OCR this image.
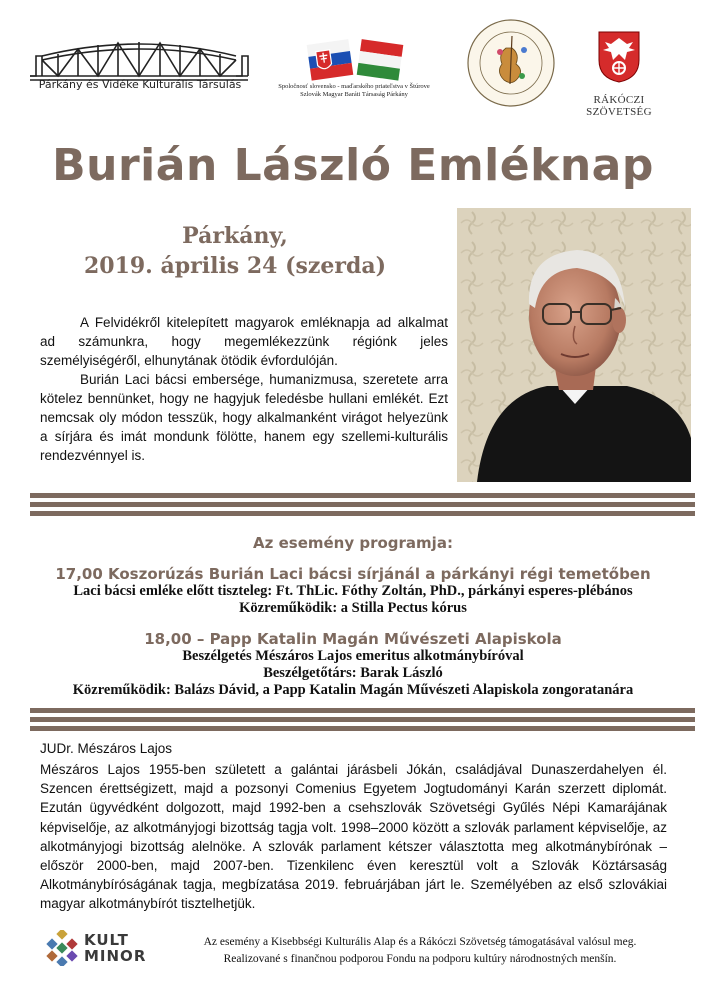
Párkány és Vidéke Kulturális Társulás	Spoločnosť slovensko - maďarského priateľstva v Štúrove
Szlovák Magyar Baráti Társaság Párkány	RÁKÓCZI SZÖVETSÉG
Burián László Emléknap
Párkány,
2019. április 24 (szerda)
A Felvidékről kitelepített magyarok emléknapja ad alkalmat ad számunkra, hogy megemlékezzünk régiónk jeles személyiségéről, elhunytának ötödik évfordulóján.
Burián Laci bácsi embersége, humanizmusa, szeretete arra kötelez bennünket, hogy ne hagyjuk feledésbe hullani emlékét. Ezt nemcsak oly módon tesszük, hogy alkalmanként virágot helyezünk a sírjára és imát mondunk fölötte, hanem egy szellemi-kulturális rendezvénnyel is.
Az esemény programja:
17,00 Koszorúzás Burián Laci bácsi sírjánál a párkányi régi temetőben
Laci bácsi emléke előtt tiszteleg: Ft. ThLic. Fóthy Zoltán, PhD., párkányi esperes-plébános
Közreműködik: a Stilla Pectus kórus
18,00 – Papp Katalin Magán Művészeti Alapiskola
Beszélgetés Mészáros Lajos emeritus alkotmánybíróval
Beszélgetőtárs: Barak László
Közreműködik: Balázs Dávid, a Papp Katalin Magán Művészeti Alapiskola zongoratanára
JUDr. Mészáros Lajos
Mészáros Lajos 1955-ben született a galántai járásbeli Jókán, családjával Dunaszerdahelyen él. Szencen érettségizett, majd a pozsonyi Comenius Egyetem Jogtudományi Karán szerzett diplomát. Ezután ügyvédként dolgozott, majd 1992-ben a csehszlovák Szövetségi Gyűlés Népi Kamarájának képviselője, az alkotmányjogi bizottság tagja volt. 1998–2000 között a szlovák parlament képviselője, az alkotmányjogi bizottság alelnöke. A szlovák parlament kétszer választotta meg alkotmánybírónak – először 2000-ben, majd 2007-ben. Tizenkilenc éven keresztül volt a Szlovák Köztársaság Alkotmánybíróságának tagja, megbízatása 2019. februárjában járt le. Személyében az első szlovákiai magyar alkotmánybírót tisztelhetjük.
KULT
MINOR
Az esemény a Kisebbségi Kulturális Alap és a Rákóczi Szövetség támogatásával valósul meg.
Realizované s finančnou podporou Fondu na podporu kultúry národnostných menšín.
